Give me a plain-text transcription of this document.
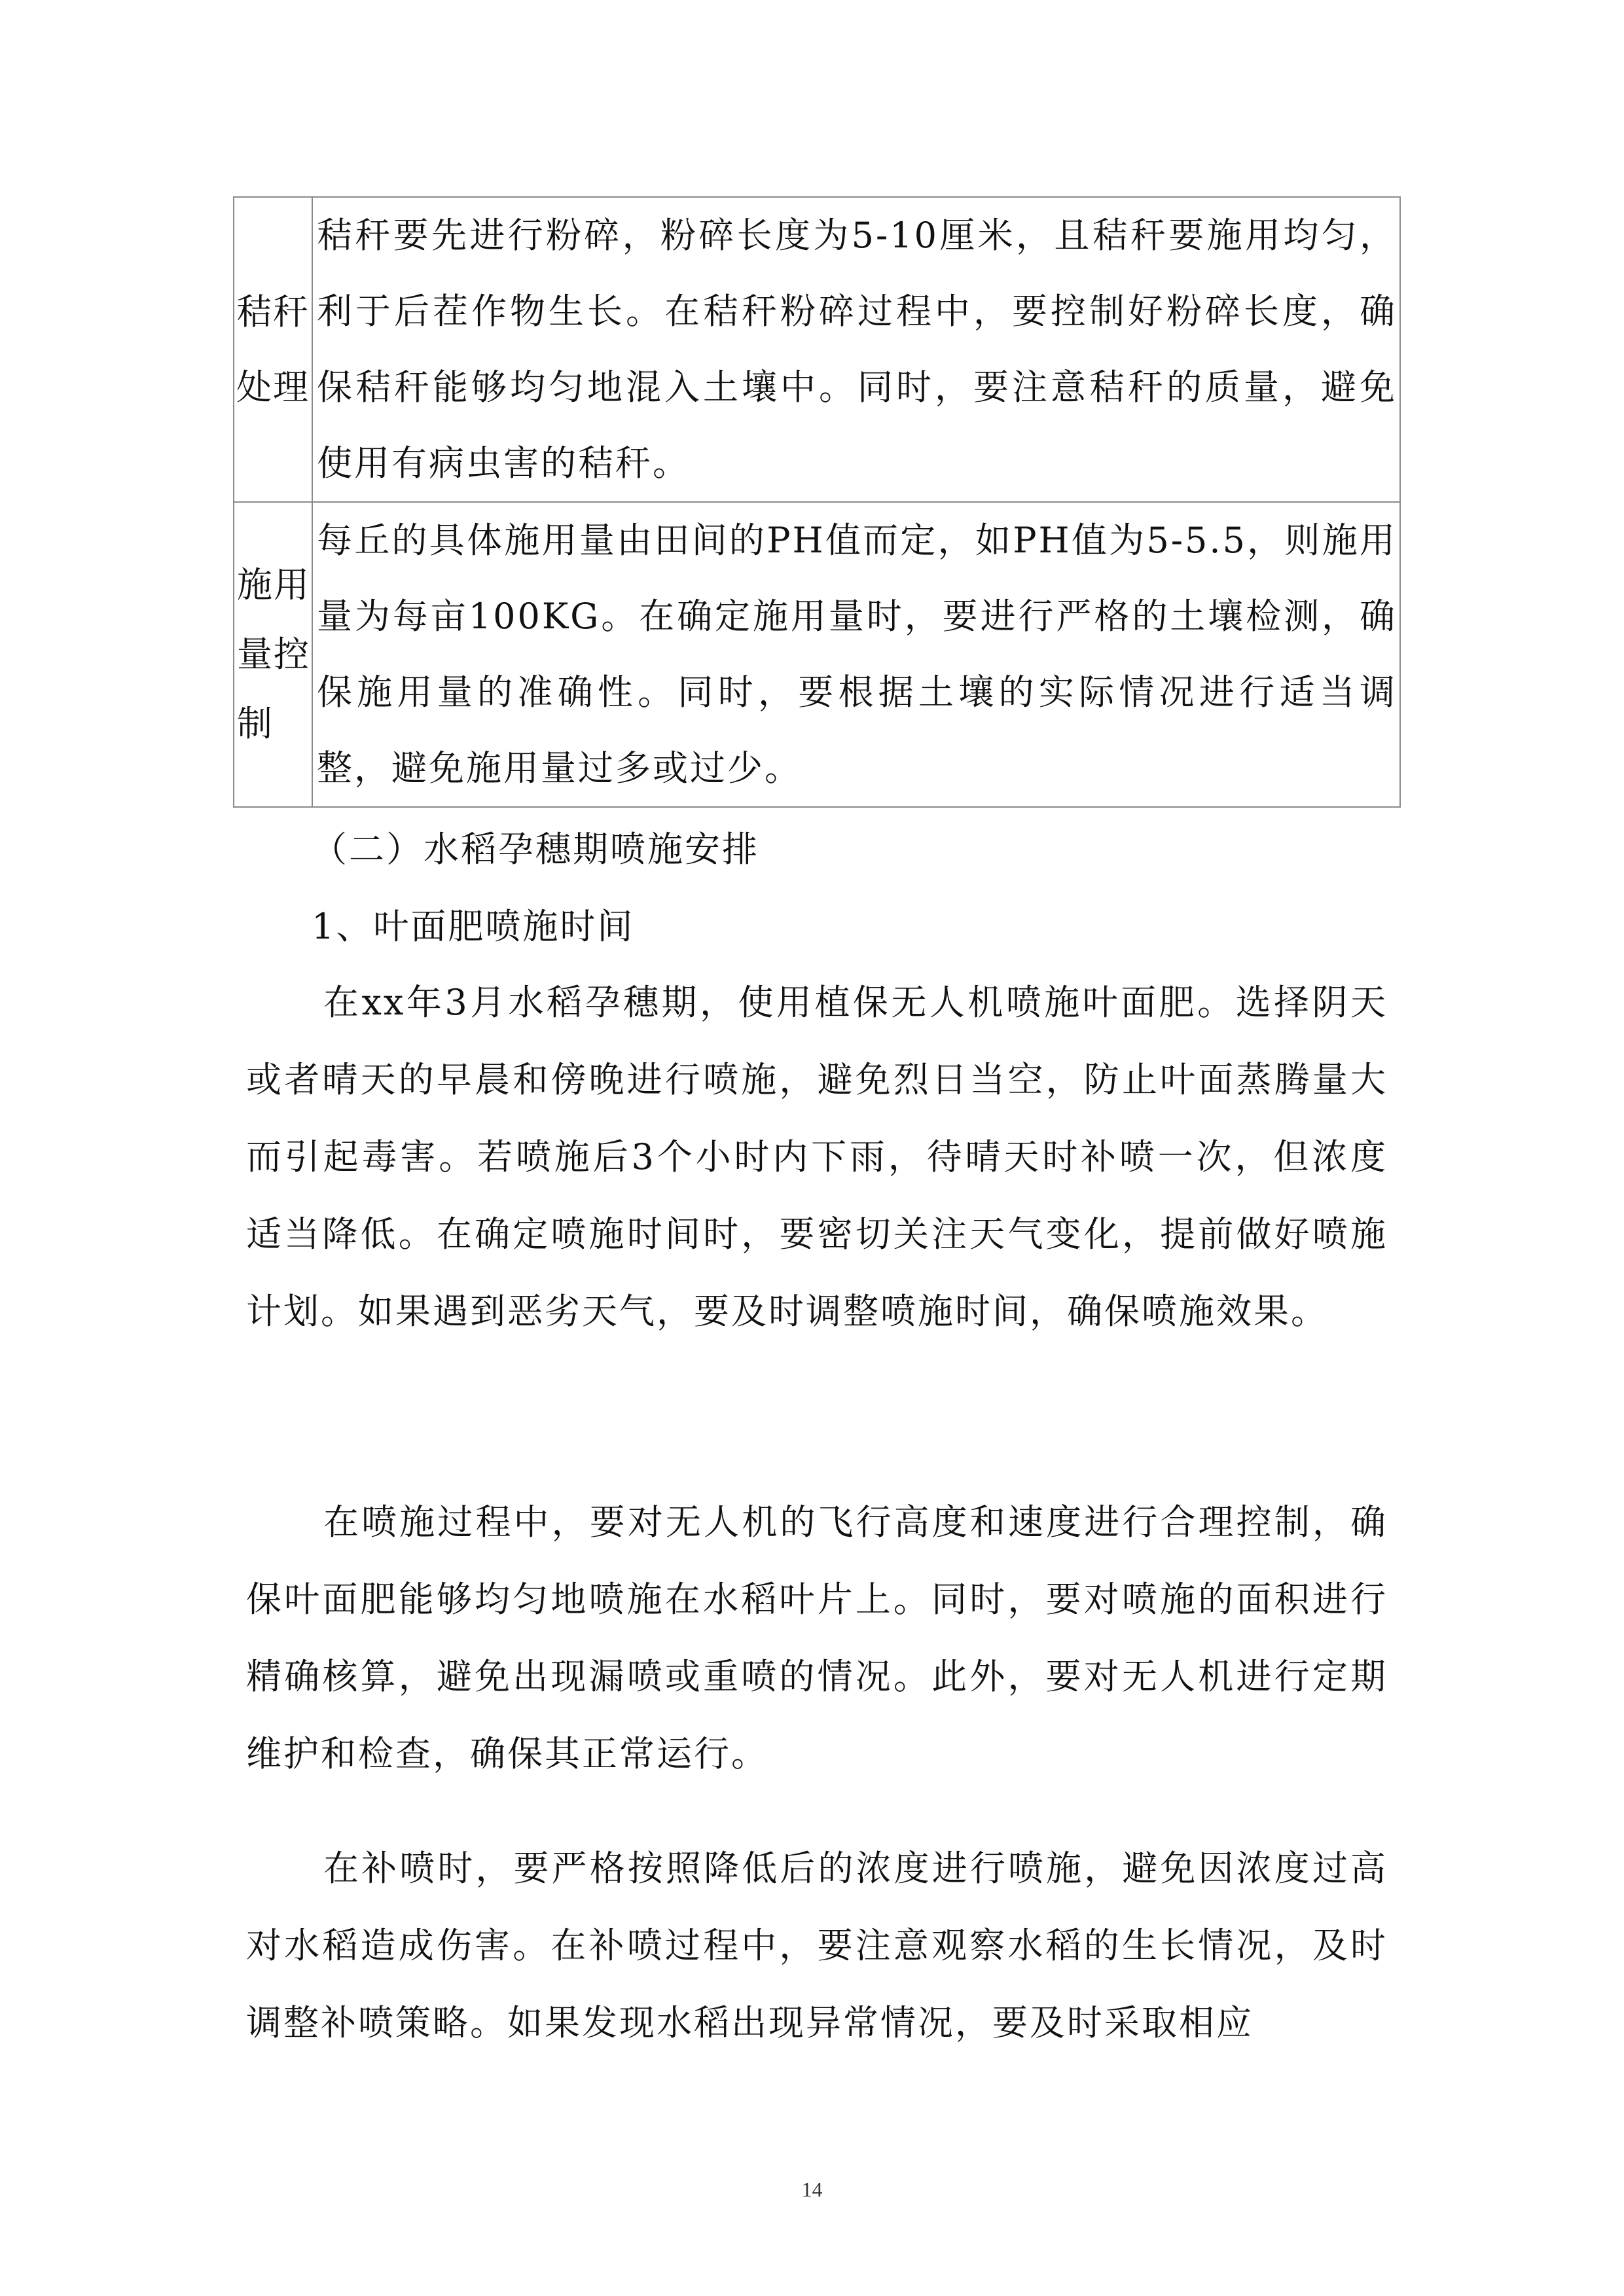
秸秆
处理	秸秆要先进行粉碎，粉碎长度为5-10厘米，且秸秆要施用均匀，利于后茬作物生长。在秸秆粉碎过程中，要控制好粉碎长度，确保秸秆能够均匀地混入土壤中。同时，要注意秸秆的质量，避免使用有病虫害的秸秆。

施用
量控
制	每丘的具体施用量由田间的PH值而定，如PH值为5-5.5，则施用量为每亩100KG。在确定施用量时，要进行严格的土壤检测，确保施用量的准确性。同时，要根据土壤的实际情况进行适当调整，避免施用量过多或过少。

（二）水稻孕穗期喷施安排

1、叶面肥喷施时间

在xx年3月水稻孕穗期，使用植保无人机喷施叶面肥。选择阴天或者晴天的早晨和傍晚进行喷施，避免烈日当空，防止叶面蒸腾量大而引起毒害。若喷施后3个小时内下雨，待晴天时补喷一次，但浓度适当降低。在确定喷施时间时，要密切关注天气变化，提前做好喷施计划。如果遇到恶劣天气，要及时调整喷施时间，确保喷施效果。

在喷施过程中，要对无人机的飞行高度和速度进行合理控制，确保叶面肥能够均匀地喷施在水稻叶片上。同时，要对喷施的面积进行精确核算，避免出现漏喷或重喷的情况。此外，要对无人机进行定期维护和检查，确保其正常运行。

在补喷时，要严格按照降低后的浓度进行喷施，避免因浓度过高对水稻造成伤害。在补喷过程中，要注意观察水稻的生长情况，及时调整补喷策略。如果发现水稻出现异常情况，要及时采取相应

14
